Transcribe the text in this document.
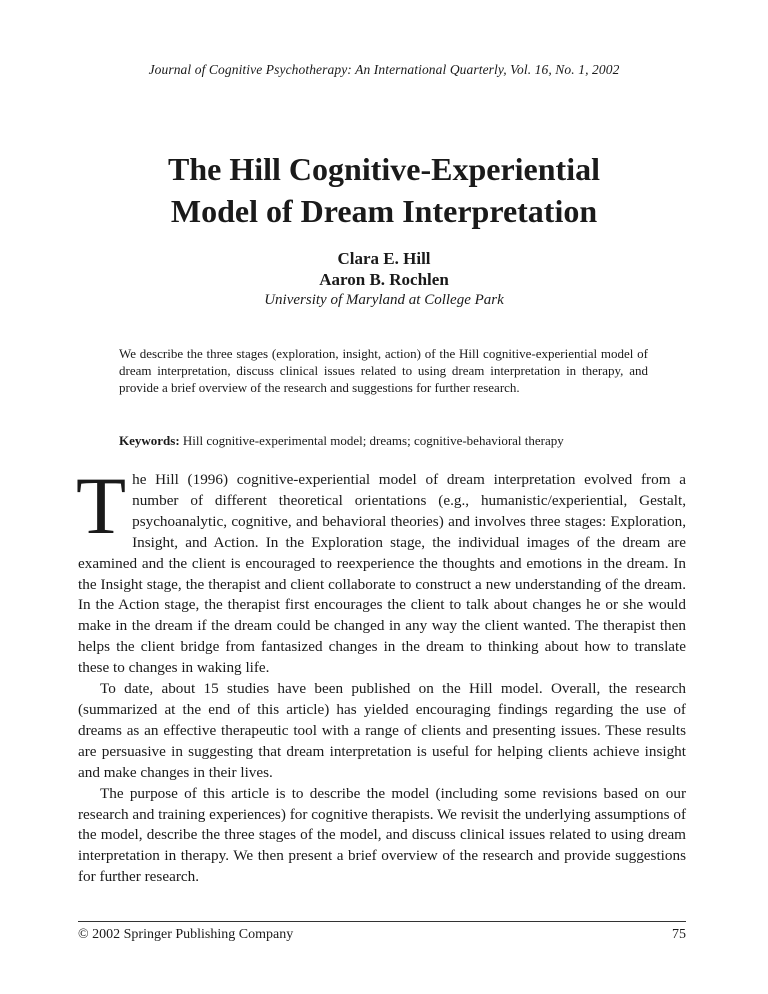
Journal of Cognitive Psychotherapy: An International Quarterly, Vol. 16, No. 1, 2002
The Hill Cognitive-Experiential
Model of Dream Interpretation
Clara E. Hill
Aaron B. Rochlen
University of Maryland at College Park

We describe the three stages (exploration, insight, action) of the Hill cognitive-experiential model of dream interpretation, discuss clinical issues related to using dream interpretation in therapy, and provide a brief overview of the research and suggestions for further research.

Keywords: Hill cognitive-experimental model; dreams; cognitive-behavioral therapy

The Hill (1996) cognitive-experiential model of dream interpretation evolved from a number of different theoretical orientations (e.g., humanistic/experiential, Gestalt, psychoanalytic, cognitive, and behavioral theories) and involves three stages: Exploration, Insight, and Action. In the Exploration stage, the individual images of the dream are examined and the client is encouraged to reexperience the thoughts and emotions in the dream. In the Insight stage, the therapist and client collaborate to construct a new understanding of the dream. In the Action stage, the therapist first encourages the client to talk about changes he or she would make in the dream if the dream could be changed in any way the client wanted. The therapist then helps the client bridge from fantasized changes in the dream to thinking about how to translate these to changes in waking life.

To date, about 15 studies have been published on the Hill model. Overall, the research (summarized at the end of this article) has yielded encouraging findings regarding the use of dreams as an effective therapeutic tool with a range of clients and presenting issues. These results are persuasive in suggesting that dream interpretation is useful for helping clients achieve insight and make changes in their lives.

The purpose of this article is to describe the model (including some revisions based on our research and training experiences) for cognitive therapists. We revisit the underlying assumptions of the model, describe the three stages of the model, and discuss clinical issues related to using dream interpretation in therapy. We then present a brief overview of the research and provide suggestions for further research.

© 2002 Springer Publishing Company	75
